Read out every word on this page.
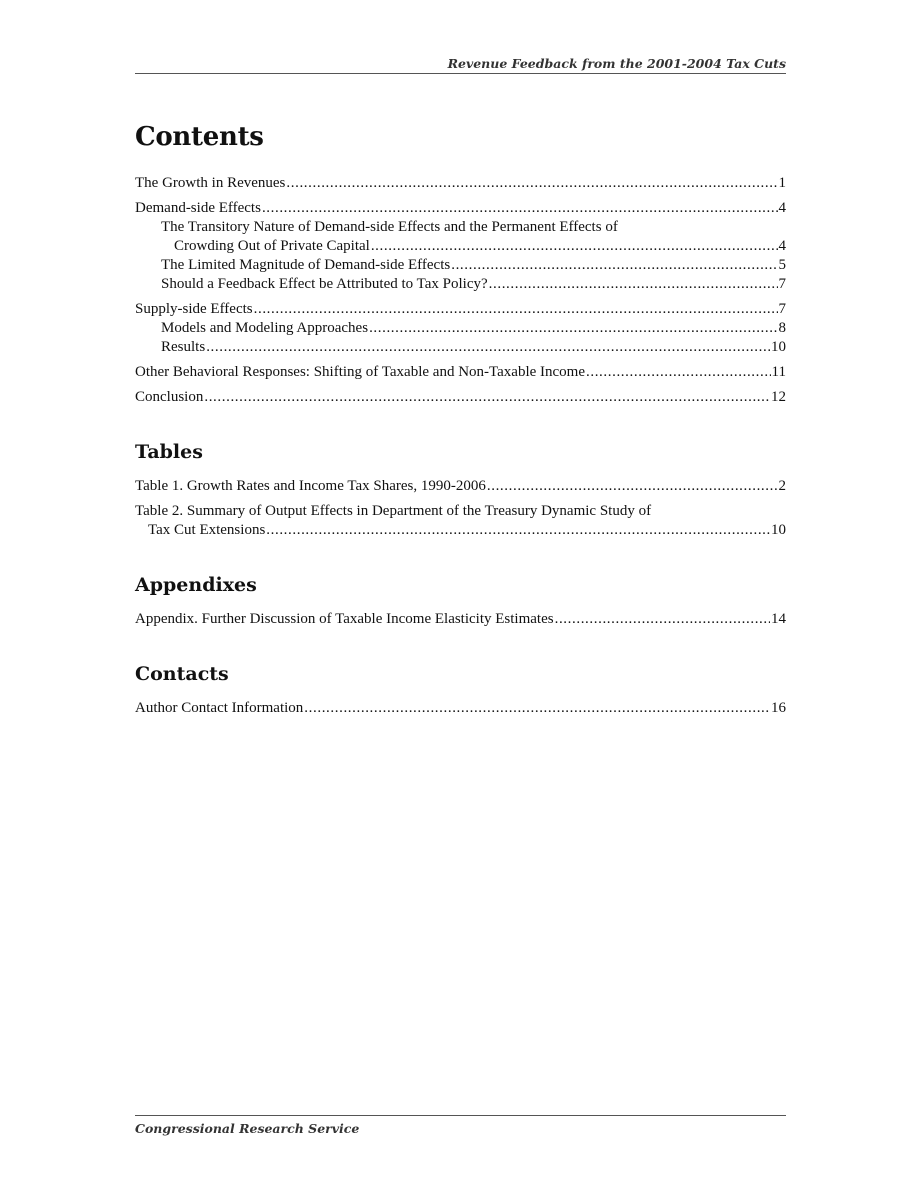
Revenue Feedback from the 2001-2004 Tax Cuts
Contents
The Growth in Revenues .....	1
Demand-side Effects .....	4
The Transitory Nature of Demand-side Effects and the Permanent Effects of
Crowding Out of Private Capital .....	4
The Limited Magnitude of Demand-side Effects .....	5
Should a Feedback Effect be Attributed to Tax Policy? .....	7
Supply-side Effects .....	7
Models and Modeling Approaches .....	8
Results .....	10
Other Behavioral Responses: Shifting of Taxable and Non-Taxable Income .....	11
Conclusion .....	12
Tables
Table 1. Growth Rates and Income Tax Shares, 1990-2006 .....	2
Table 2. Summary of Output Effects in Department of the Treasury Dynamic Study of
Tax Cut Extensions .....	10
Appendixes
Appendix. Further Discussion of Taxable Income Elasticity Estimates .....	14
Contacts
Author Contact Information .....	16
Congressional Research Service
